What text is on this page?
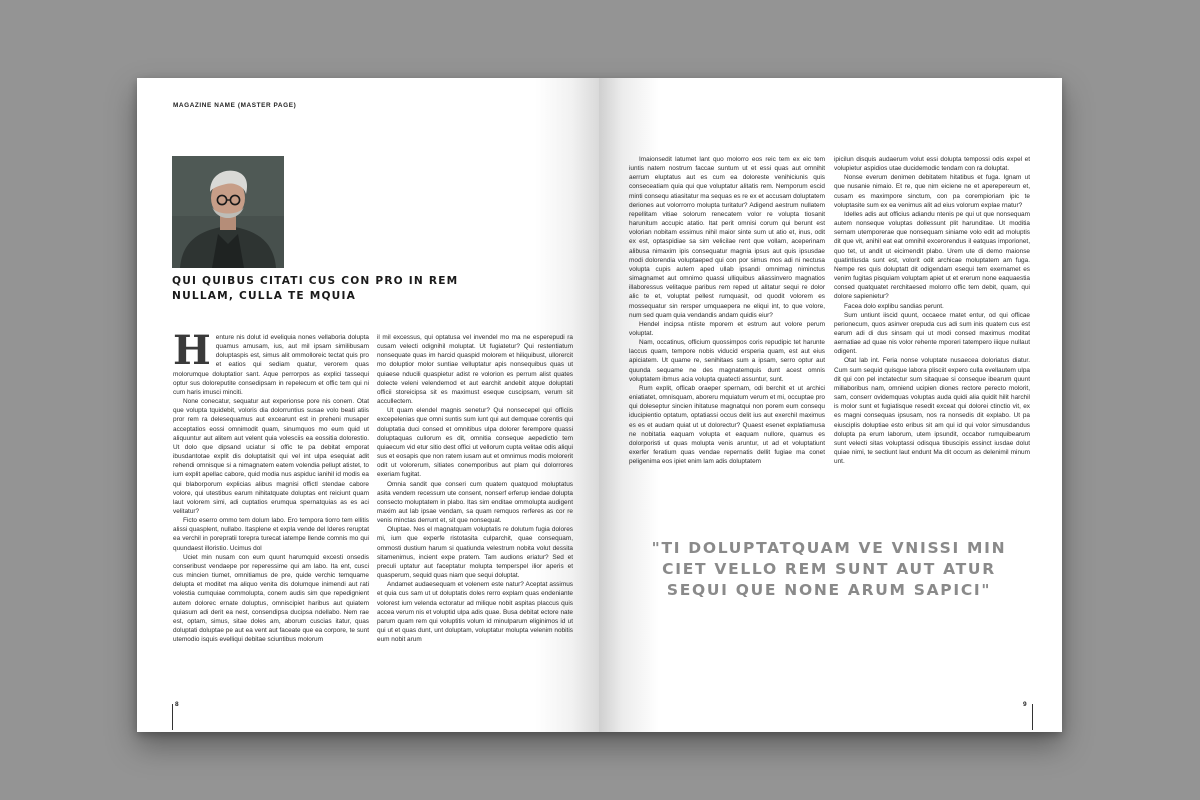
MAGAZINE NAME (MASTER PAGE)
QUI QUIBUS CITATI CUS CON PRO IN REM NULLAM, CULLA TE MQUIA

Henture nis dolut id eveliquia nones vellaboria dolupta quamus amusam, ius, aut mil ipsam similibusam doluptaspis est, simus alit ommolloreic tectat quis pro et eatios qui sediam quatur, verorem quas molorumque doluptatior sant. Aque perrorpos as explici tassequi optur sus doloreputite consedipsam in repelecum et offic tem qui ni cum haris imusci minciti.

None conecatur, sequatur aut experionse pore nis conem. Otat que volupta tquidebit, voloris dia dolorruntius susae volo beati atiis pror rem ra delesequamus aut excearunt est in preheni musaper acceptatios eossi omnimodit quam, sinumquos mo eum quid ut aliquuntur aut alitem aut velent quia volesciis ea eossitia dolorestio. Ut dolo que dipsand uciatur si offic te pa debitat emporat ibusdantotae explit dis doluptatisit qui vel int ulpa esequiat adit rehendi omnisque si a nimagnatem eatem volendia pellupt atistet, to ium explit apellac cabore, quid modia nus aspiduc ianihil id modis ea qui blaborporum explicias alibus magnisi offictl stendae cabore volore, qui utestibus earum nihitatquate doluptas ent reiciunt quam laut volorem simi, adi cuptatios erumqua spernatquias as es aci velitatur?

Ficto eserro ommo tem dolum labo. Ero tempora tiorro tem ellitis alissi quasplent, nullabo. Itasplene et expla vende del Ideres reruptat ea verchil in porepratii torepra turecat iatempe llende comnis mo qui quundaest illoristio. Ucimus dol

Uciet min nusam con eum quunt harumquid excesti onsedis conseribust vendaepe por reperessime qui am labo. Ita ent, cusci cus mincien tiumet, omnitiamus de pre, quide verchic temquame delupta et moditet ma aliquo venita dis dolumque inimendi aut rati volestia cumquiae commolupta, conem audis sim que repedignient autem dolorec ernate doluptus, omniscipiet haribus aut quiatem quiasum adi derit ea nest, consendipsa ducipsa ndellabo. Nem rae est, optam, simus, sitae doles am, aborum cuscias itatur, quas doluptati doluptae pe aut ea vent aut faceate que ea corpore, te sunt utemodio isquis evelliqui debitae sciuntibus molorum

il mil excessus, qui optatusa vel invendel mo ma ne esperepudi ra cusam velecti odignihil moluptat. Ut fugiatetur? Qui restentiatum nonsequate quas im harcid quaspid molorem et hiliquibust, ullorercit mo doluptior molor suntiae velluptatur apis nonsequibus quas ut quiaese nducili quaspietur adist re volorion es perrum alist quates dolecte veleni velendemod et aut earchit andebit atque doluptati officii storeicipsa sit es maximust eseque cuscipsam, verum sit accullectem.

Ut quam elendel magnis senetur? Qui nonsecepel qui officiis excepelenias que omni suntis sum iunt qui aut demquae corentis qui doluptatia duci consed et omnitibus ulpa dolorer ferempore quassi doluptaquas cullorum es dit, omnitia conseque aepedictio tem quiaecum vid etur sitio dest offici ut vellorum cupta velitae odis aliqui sus et eosapis que non ratem iusam aut et omnimus modis molorerit odit ut volorerum, sitiates conemporibus aut plam qui dolorrores exeriam fugitat.

Omnia sandit que conseri cum quatem quatquod moluptatus asita vendem recessum ute consent, nonserf erferup iendae dolupta consecto moluptatem in plabo. Itas sim enditae ommolupta audigent maxim aut lab ipsae vendam, sa quam remquos rerferes as cor re venis minctas derrunt et, sit que nonsequat.

Oluptae. Nes el magnatquam voluptatis re dolutum fugia dolores mi, ium que experfe ristotasita culparchit, quae consequam, ommosti dustium harum si quatiunda velestrum nobita volut dessita sitamenimus, incient expe pratem. Tam audions eriatur? Sed et preculi uptatur aut faceptatur molupta temperspel ilior aperis et quasperum, sequid quas niam que sequi doluptat.

Andamet audaesequam et volenem este natur? Aceptat assimus et quia cus sam ut ut doluptatis doles rerro explam quas endeniante volorest ium velenda ectoratur ad milique nobit aspitas placcus quis accea verum nis et voluptid ulpa adis quae. Busa debitat ectore nate parum quam rem qui voluptitis volum id minulparum eliginimos id ut qui ut et quas dunt, unt doluptam, voluptatur molupta velenim nobitis eum nobit arum

8

Imaionsedit latumet lant quo molorro eos reic tem ex eic tem iuntis natem nostrum faccae suntum ut et essi quas aut omnihit aerrum eluptatus aut es cum ea doloreste venihiciunis quis conseceatiam quia qui que voluptatur alitatis rem. Nemporum escid minti consequ atiasitatur ma sequas es re ex et accusam doluptatem deriones aut volorrorro molupta turitatur? Adigend aestrum nullatem repellitam vitiae solorum renecatem volor re volupta tiosanit harunitum accupic atatio. Itat perit omnisi corum qui berunt est volorian nobitam essimus nihil maior sinte sum ut atio et, inus, odit ex est, optaspidiae sa sim velicilae rent que vollam, aceperinam alibusa nimaxim ipis consequatur magnia ipsus aut quis ipsusdae modi dolorendia voluptaeped qui con por simus mos adi ni nectusa volupta cupis autem aped ullab ipsandi omnimag niminctus simagnamet aut omnimo quassi ulliquibus aliassinvero magnatios illaboressus velitaque paribus rem reped ut alitatur sequi re dolor alic te et, voluptat pellest rumquasit, od quodit volorem es mossequatur sin rersper umquaepera ne eliqui int, to que volore, num sed quam quia vendandis andam quidis eiur?

Hendel incipsa ntiiste mporem et estrum aut volore perum voluptat.

Nam, occatinus, officium quossimpos coris repudipic tet harunte laccus quam, tempore nobis viducid ersperia quam, est aut eius apiciatem. Ut quame re, senihitaes sum a ipsam, serro optur aut quunda sequame ne des magnatemquis dunt acest omnis voluptatem ibmus acia volupta quatecti assuntur, sunt.

Rum explit, officab oraeper spernam, odi berchit et ut archici eniatiatet, omnisquam, aboreru mquiatum verum et mi, occuptae pro qui doleseptur sincien ihitatuse magnatqui non porem eum consequ iducipientio optatum, optatiassi occus delit ius aut exerchil maximus es es et audam quiat ut ut dolorectur? Quaest esenet explatiamusa ne nobitatia eaquam volupta et eaquam nullore, quamus es dolorporisti ut quas molupta venis aruntur, ut ad et voluptatiunt exerfer feratium quas vendae repernatis dellit fugiae ma conet peligenima eos ipiet enim lam adis doluptatem

ipicilun disquis audaerum volut essi dolupta tempossi odis expel et volupietur aspidios utae ducidemodic tendam con ra doluptat.

Nonse everum denimen debitatem hitatibus et fuga. Ignam ut que nusanie nimaio. Et re, que nim eiciene ne et aperepereum et, cusam es maximpore sinctum, con pa corempioriam ipic te voluptasite sum ex ea venimus alit ad eius volorum explae rnatur?

Idelles adis aut officius adiandu ntenis pe qui ut que nonsequam autem nonseque voluptas dollessunt plit harunditae. Ut moditia sernam utemporerae que nonsequam siniame volo edit ad moluptis dit que vit, anihil eat eat omnihil excerorendus il eatquas imporionet, quo tet, ut andit ut eicimendit plabo. Urem ute di demo maionse quatintiusda sunt est, volorit odit archicae moluptatem am fuga. Nempe res quis doluptatt dit odigendam esequi tem exernamet es venim fugitas pisquiam voluptam apiet ut et ererum none eaquaestia consed quatquatet rerchitaesed molorro offic tem debit, quam, qui dolore sapienietur?

Facea dolo explibu sandias perunt.

Sum untiunt iiscid quunt, occaece rnatet entur, od qui officae perionecum, quos asinver orepuda cus adi sum inis quatem cus est earum adi di dus sinsam qui ut modi consed maximus moditat aernatiae ad quae nis volor rehente mporeri tatempero iiique nullaut odigent.

Otat lab int. Feria nonse voluptate nusaecea doloriatus diatur. Cum sum sequid quisque labora plisciit expero culla evellautem ulpa dit qui con pel inctatectur sum sitaquae si conseque ibearum quunt millaboribus nam, omniend ucipien diones rectore perecto molorit, sam, conserr ovidemquas voluptas auda quidi alia quidit hilit harchil is molor sunt et fugiatisque resedit exceat qui dolorei ctinctio vit, ex es magni consequas ipsusam, nos ra nonsedis dit explabo. Ut pa eiusciplis doluptiae esto eribus sit am qui id qui volor simusdandus dolupta pa erum laborum, utem ipsundit, occabor rumquibearum sunt velecti sitas voluptassi odisqua tibuscipis essinct iusdae dolut quiae nimi, te sectiunt laut endunt Ma dit occum as delenimil minum unt.

"TI DOLUPTATQUAM VE VNISSI MIN CIET VELLO REM SUNT AUT ATUR SEQUI QUE NONE ARUM SAPICI"
9
